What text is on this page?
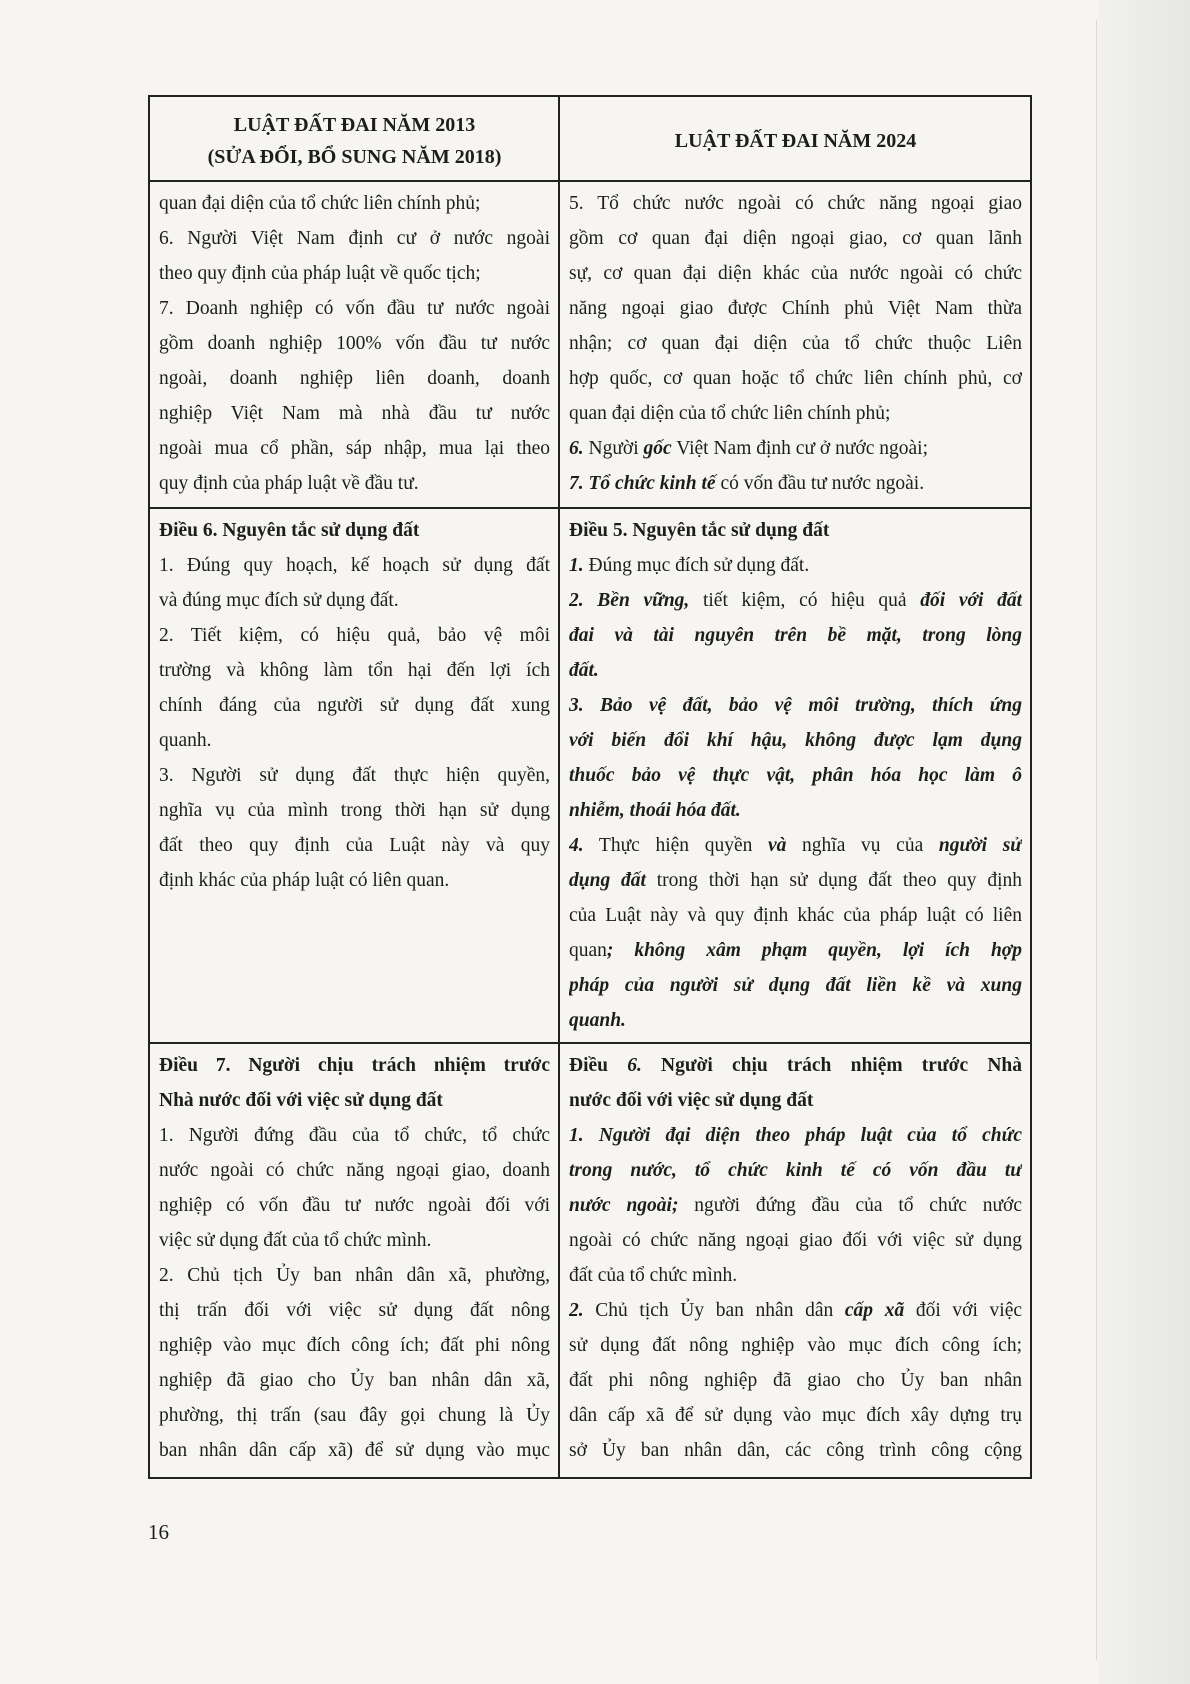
LUẬT ĐẤT ĐAI NĂM 2013
(SỬA ĐỔI, BỔ SUNG NĂM 2018)
LUẬT ĐẤT ĐAI NĂM 2024
quan đại diện của tổ chức liên chính phủ;
6. Người Việt Nam định cư ở nước ngoài
theo quy định của pháp luật về quốc tịch;
7. Doanh nghiệp có vốn đầu tư nước ngoài
gồm doanh nghiệp 100% vốn đầu tư nước
ngoài, doanh nghiệp liên doanh, doanh
nghiệp Việt Nam mà nhà đầu tư nước
ngoài mua cổ phần, sáp nhập, mua lại theo
quy định của pháp luật về đầu tư.
5. Tổ chức nước ngoài có chức năng ngoại giao
gồm cơ quan đại diện ngoại giao, cơ quan lãnh
sự, cơ quan đại diện khác của nước ngoài có chức
năng ngoại giao được Chính phủ Việt Nam thừa
nhận; cơ quan đại diện của tổ chức thuộc Liên
hợp quốc, cơ quan hoặc tổ chức liên chính phủ, cơ
quan đại diện của tổ chức liên chính phủ;
6. Người gốc Việt Nam định cư ở nước ngoài;
7. Tổ chức kinh tế có vốn đầu tư nước ngoài.
Điều 6. Nguyên tắc sử dụng đất
1. Đúng quy hoạch, kế hoạch sử dụng đất
và đúng mục đích sử dụng đất.
2. Tiết kiệm, có hiệu quả, bảo vệ môi
trường và không làm tổn hại đến lợi ích
chính đáng của người sử dụng đất xung
quanh.
3. Người sử dụng đất thực hiện quyền,
nghĩa vụ của mình trong thời hạn sử dụng
đất theo quy định của Luật này và quy
định khác của pháp luật có liên quan.
Điều 5. Nguyên tắc sử dụng đất
1. Đúng mục đích sử dụng đất.
2. Bền vững, tiết kiệm, có hiệu quả đối với đất
đai và tài nguyên trên bề mặt, trong lòng
đất.
3. Bảo vệ đất, bảo vệ môi trường, thích ứng
với biến đổi khí hậu, không được lạm dụng
thuốc bảo vệ thực vật, phân hóa học làm ô
nhiễm, thoái hóa đất.
4. Thực hiện quyền và nghĩa vụ của người sử
dụng đất trong thời hạn sử dụng đất theo quy định
của Luật này và quy định khác của pháp luật có liên
quan; không xâm phạm quyền, lợi ích hợp
pháp của người sử dụng đất liền kề và xung
quanh.
Điều 7. Người chịu trách nhiệm trước
Nhà nước đối với việc sử dụng đất
1. Người đứng đầu của tổ chức, tổ chức
nước ngoài có chức năng ngoại giao, doanh
nghiệp có vốn đầu tư nước ngoài đối với
việc sử dụng đất của tổ chức mình.
2. Chủ tịch Ủy ban nhân dân xã, phường,
thị trấn đối với việc sử dụng đất nông
nghiệp vào mục đích công ích; đất phi nông
nghiệp đã giao cho Ủy ban nhân dân xã,
phường, thị trấn (sau đây gọi chung là Ủy
ban nhân dân cấp xã) để sử dụng vào mục
Điều 6. Người chịu trách nhiệm trước Nhà
nước đối với việc sử dụng đất
1. Người đại diện theo pháp luật của tổ chức
trong nước, tổ chức kinh tế có vốn đầu tư
nước ngoài; người đứng đầu của tổ chức nước
ngoài có chức năng ngoại giao đối với việc sử dụng
đất của tổ chức mình.
2. Chủ tịch Ủy ban nhân dân cấp xã đối với việc
sử dụng đất nông nghiệp vào mục đích công ích;
đất phi nông nghiệp đã giao cho Ủy ban nhân
dân cấp xã để sử dụng vào mục đích xây dựng trụ
sở Ủy ban nhân dân, các công trình công cộng
16
